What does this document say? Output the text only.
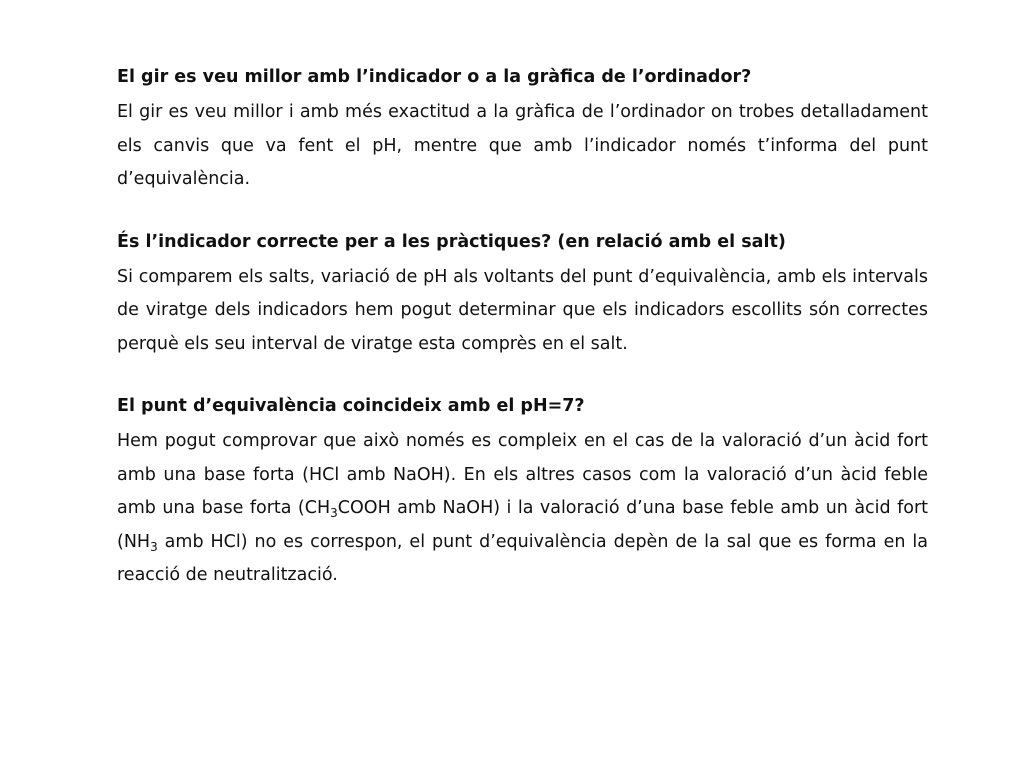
El gir es veu millor amb l’indicador o a la gràfica de l’ordinador?

El gir es veu millor i amb més exactitud a la gràfica de l’ordinador on trobes detalladament els canvis que va fent el pH, mentre que amb l’indicador només t’informa del punt d’equivalència.

És l’indicador correcte per a les pràctiques? (en relació amb el salt)

Si comparem els salts, variació de pH als voltants del punt d’equivalència, amb els intervals de viratge dels indicadors hem pogut determinar que els indicadors escollits són correctes perquè els seu interval de viratge esta comprès en el salt.

El punt d’equivalència coincideix amb el pH=7?

Hem pogut comprovar que això només es compleix en el cas de la valoració d’un àcid fort amb una base forta (HCl amb NaOH). En els altres casos com la valoració d’un àcid feble amb una base forta ($CH_3COOH$ amb NaOH) i la valoració d’una base feble amb un àcid fort ($NH_3$ amb HCl) no es correspon, el punt d’equivalència depèn de la sal que es forma en la reacció de neutralització.
